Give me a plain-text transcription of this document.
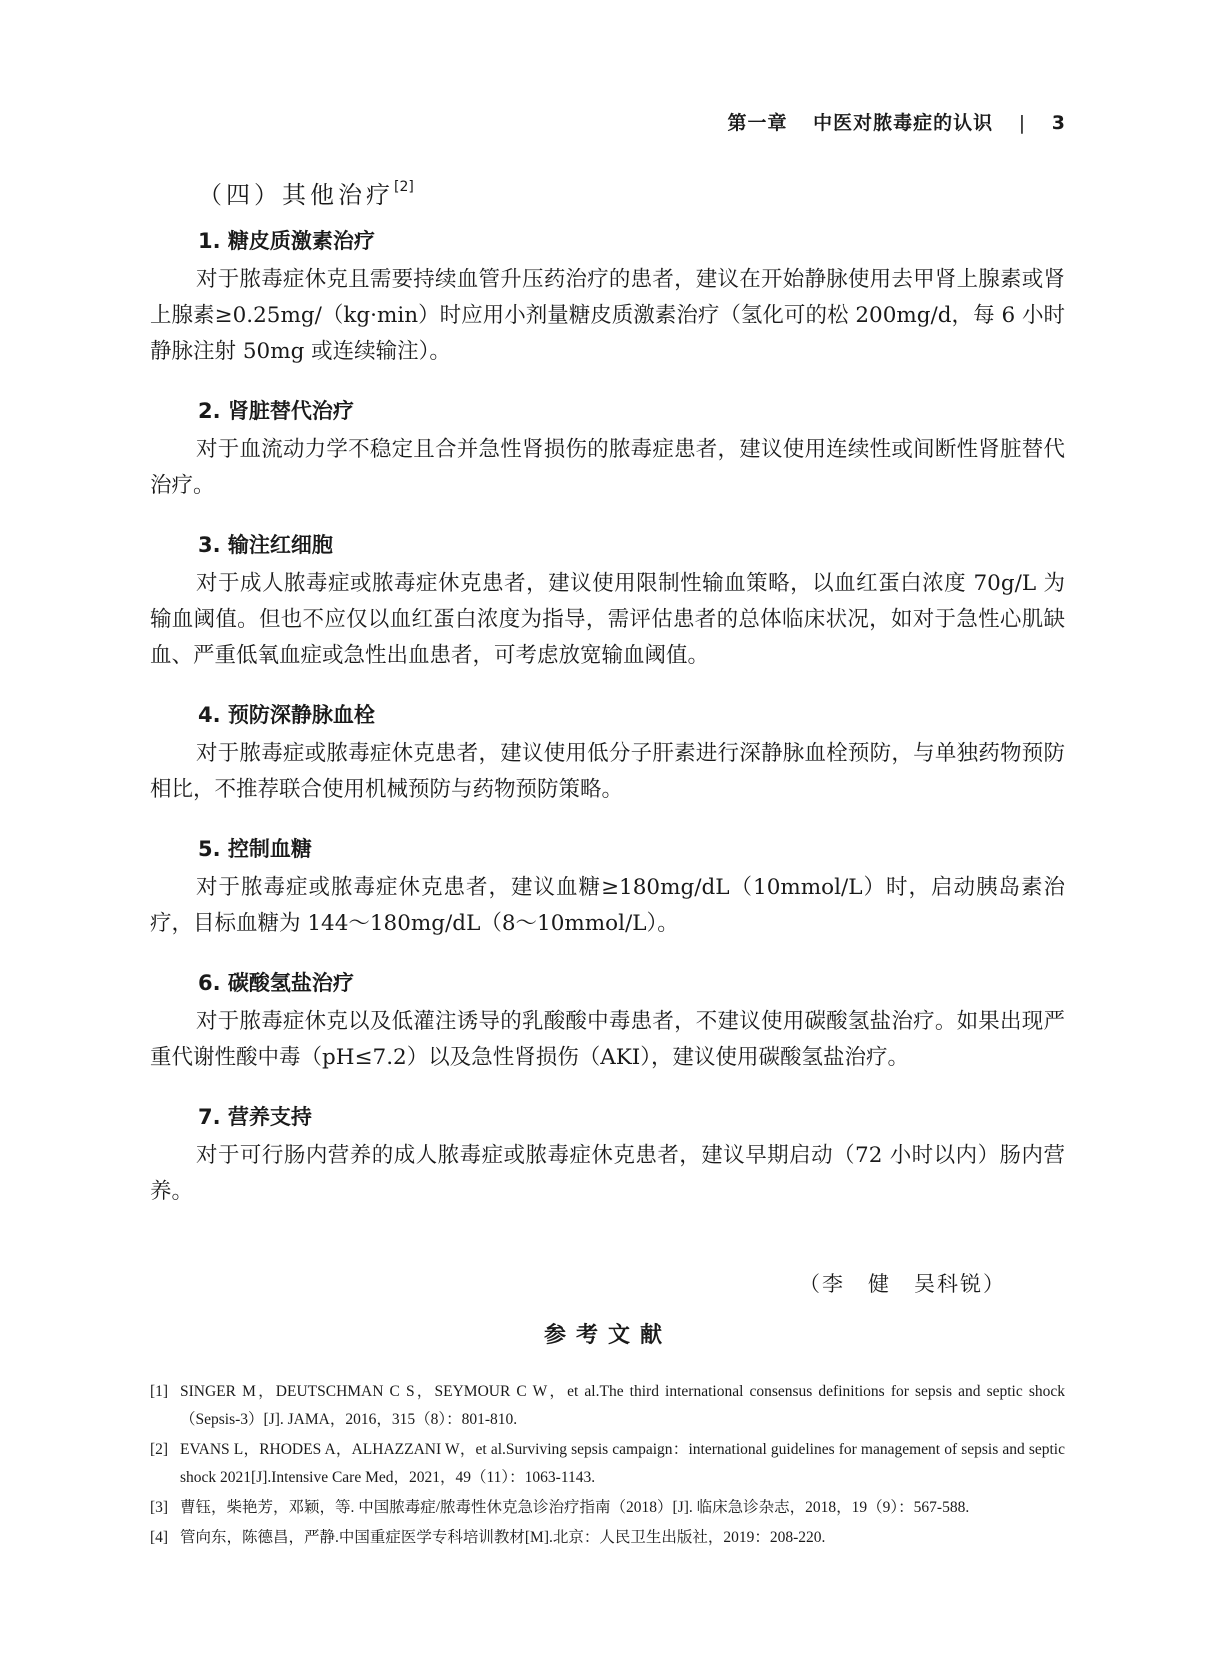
第一章 中医对脓毒症的认识 | 3
（四）其他治疗[2]
1. 糖皮质激素治疗

对于脓毒症休克且需要持续血管升压药治疗的患者，建议在开始静脉使用去甲肾上腺素或肾上腺素≥0.25mg/（kg·min）时应用小剂量糖皮质激素治疗（氢化可的松 200mg/d，每 6 小时静脉注射 50mg 或连续输注）。

2. 肾脏替代治疗

对于血流动力学不稳定且合并急性肾损伤的脓毒症患者，建议使用连续性或间断性肾脏替代治疗。

3. 输注红细胞

对于成人脓毒症或脓毒症休克患者，建议使用限制性输血策略，以血红蛋白浓度 70g/L 为输血阈值。但也不应仅以血红蛋白浓度为指导，需评估患者的总体临床状况，如对于急性心肌缺血、严重低氧血症或急性出血患者，可考虑放宽输血阈值。

4. 预防深静脉血栓

对于脓毒症或脓毒症休克患者，建议使用低分子肝素进行深静脉血栓预防，与单独药物预防相比，不推荐联合使用机械预防与药物预防策略。

5. 控制血糖

对于脓毒症或脓毒症休克患者，建议血糖≥180mg/dL（10mmol/L）时，启动胰岛素治疗，目标血糖为 144～180mg/dL（8～10mmol/L）。

6. 碳酸氢盐治疗

对于脓毒症休克以及低灌注诱导的乳酸酸中毒患者，不建议使用碳酸氢盐治疗。如果出现严重代谢性酸中毒（pH≤7.2）以及急性肾损伤（AKI），建议使用碳酸氢盐治疗。

7. 营养支持

对于可行肠内营养的成人脓毒症或脓毒症休克患者，建议早期启动（72 小时以内）肠内营养。

（李　健　吴科锐）
参考文献
[1] SINGER M，DEUTSCHMAN C S，SEYMOUR C W，et al.The third international consensus definitions for sepsis and septic shock（Sepsis-3）[J]. JAMA，2016，315（8）：801-810.
[2] EVANS L，RHODES A，ALHAZZANI W，et al.Surviving sepsis campaign：international guidelines for management of sepsis and septic shock 2021[J].Intensive Care Med，2021，49（11）：1063-1143.
[3] 曹钰，柴艳芳，邓颖，等. 中国脓毒症/脓毒性休克急诊治疗指南（2018）[J]. 临床急诊杂志，2018，19（9）：567-588.
[4] 管向东，陈德昌，严静.中国重症医学专科培训教材[M].北京：人民卫生出版社，2019：208-220.
